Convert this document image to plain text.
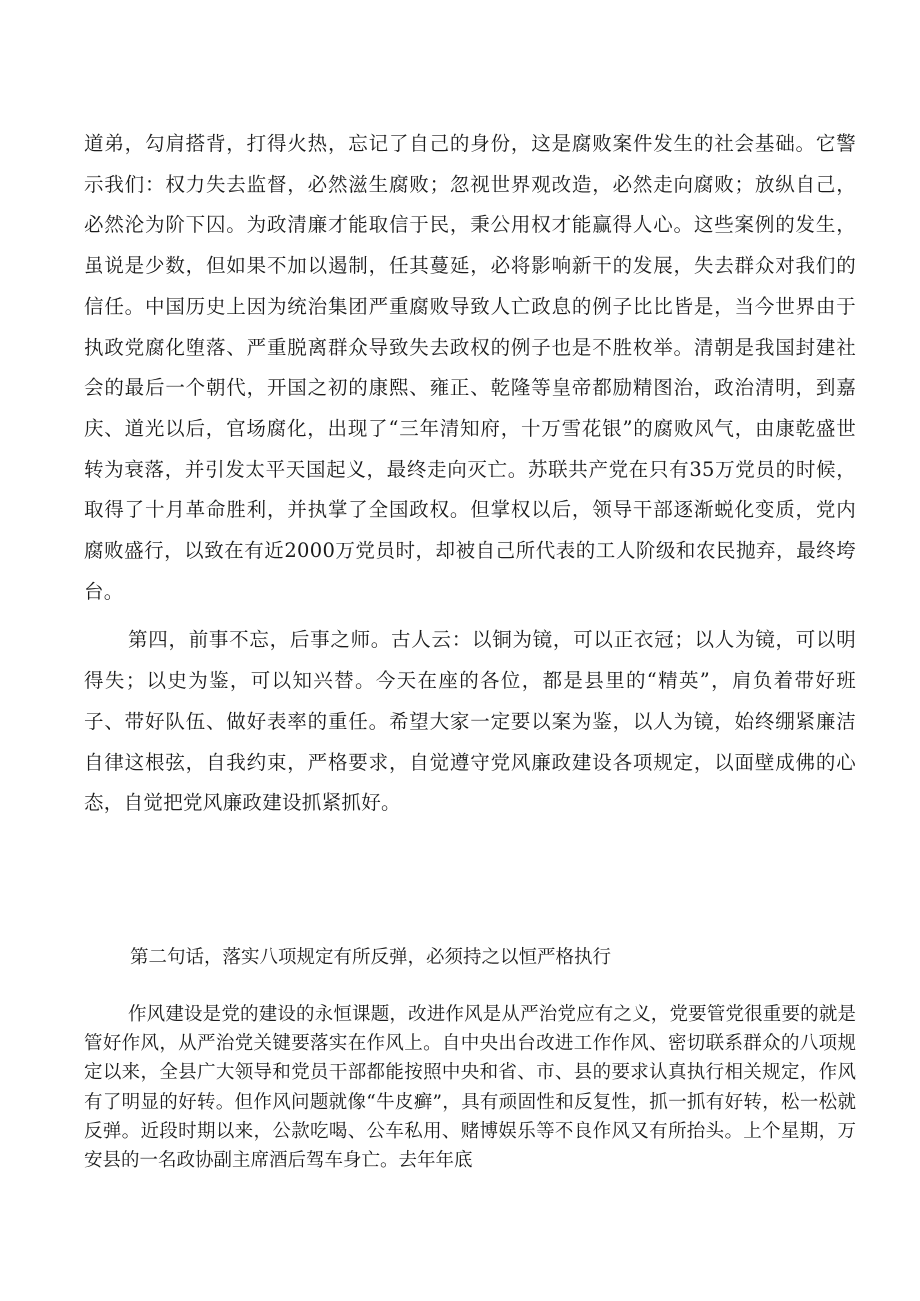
道弟，勾肩搭背，打得火热，忘记了自己的身份，这是腐败案件发生的社会基础。它警示我们：权力失去监督，必然滋生腐败；忽视世界观改造，必然走向腐败；放纵自己，必然沦为阶下囚。为政清廉才能取信于民，秉公用权才能赢得人心。这些案例的发生，虽说是少数，但如果不加以遏制，任其蔓延，必将影响新干的发展，失去群众对我们的信任。中国历史上因为统治集团严重腐败导致人亡政息的例子比比皆是，当今世界由于执政党腐化堕落、严重脱离群众导致失去政权的例子也是不胜枚举。清朝是我国封建社会的最后一个朝代，开国之初的康熙、雍正、乾隆等皇帝都励精图治，政治清明，到嘉庆、道光以后，官场腐化，出现了“三年清知府，十万雪花银”的腐败风气，由康乾盛世转为衰落，并引发太平天国起义，最终走向灭亡。苏联共产党在只有35万党员的时候，取得了十月革命胜利，并执掌了全国政权。但掌权以后，领导干部逐渐蜕化变质，党内腐败盛行，以致在有近2000万党员时，却被自己所代表的工人阶级和农民抛弃，最终垮台。

第四，前事不忘，后事之师。古人云：以铜为镜，可以正衣冠；以人为镜，可以明得失；以史为鉴，可以知兴替。今天在座的各位，都是县里的“精英”，肩负着带好班子、带好队伍、做好表率的重任。希望大家一定要以案为鉴，以人为镜，始终绷紧廉洁自律这根弦，自我约束，严格要求，自觉遵守党风廉政建设各项规定，以面壁成佛的心态，自觉把党风廉政建设抓紧抓好。

第二句话，落实八项规定有所反弹，必须持之以恒严格执行

作风建设是党的建设的永恒课题，改进作风是从严治党应有之义，党要管党很重要的就是管好作风，从严治党关键要落实在作风上。自中央出台改进工作作风、密切联系群众的八项规定以来，全县广大领导和党员干部都能按照中央和省、市、县的要求认真执行相关规定，作风有了明显的好转。但作风问题就像“牛皮癣”，具有顽固性和反复性，抓一抓有好转，松一松就反弹。近段时期以来，公款吃喝、公车私用、赌博娱乐等不良作风又有所抬头。上个星期，万安县的一名政协副主席酒后驾车身亡。去年年底
